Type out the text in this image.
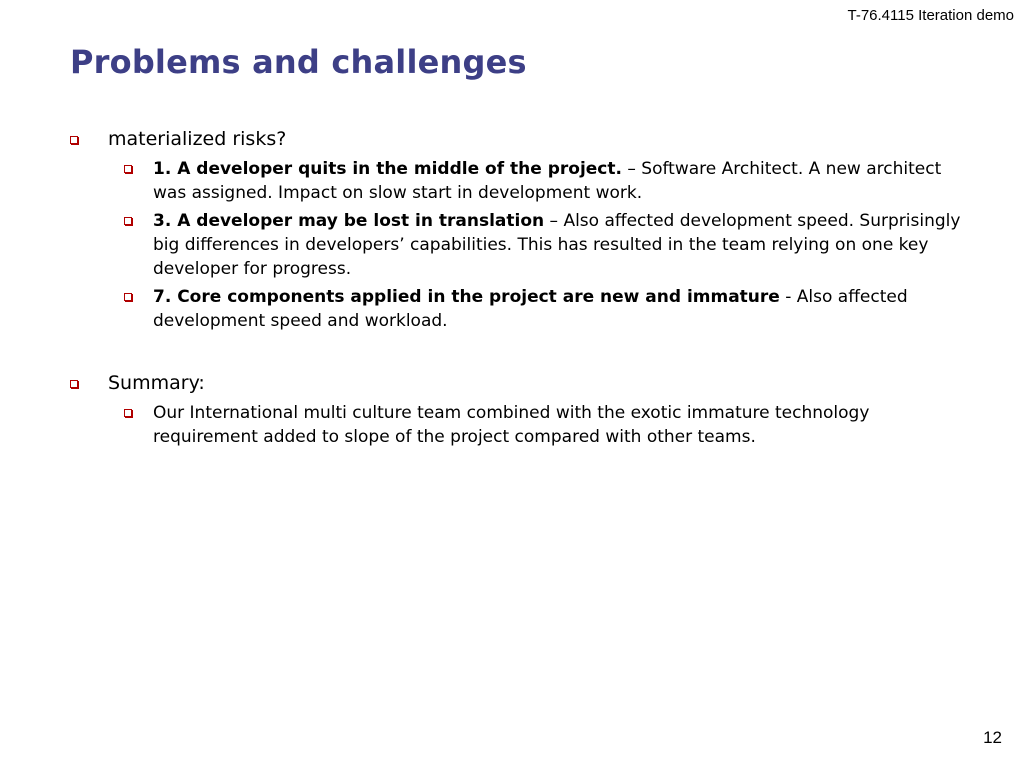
T-76.4115 Iteration demo
Problems and challenges
materialized risks?
1. A developer quits in the middle of the project. – Software Architect. A new architect was assigned. Impact on slow start in development work.
3. A developer may be lost in translation – Also affected development speed. Surprisingly big differences in developers’ capabilities. This has resulted in the team relying on one key developer for progress.
7. Core components applied in the project are new and immature - Also affected development speed and workload.
Summary:
Our International multi culture team combined with the exotic immature technology requirement added to slope of the project compared with other teams.
12
